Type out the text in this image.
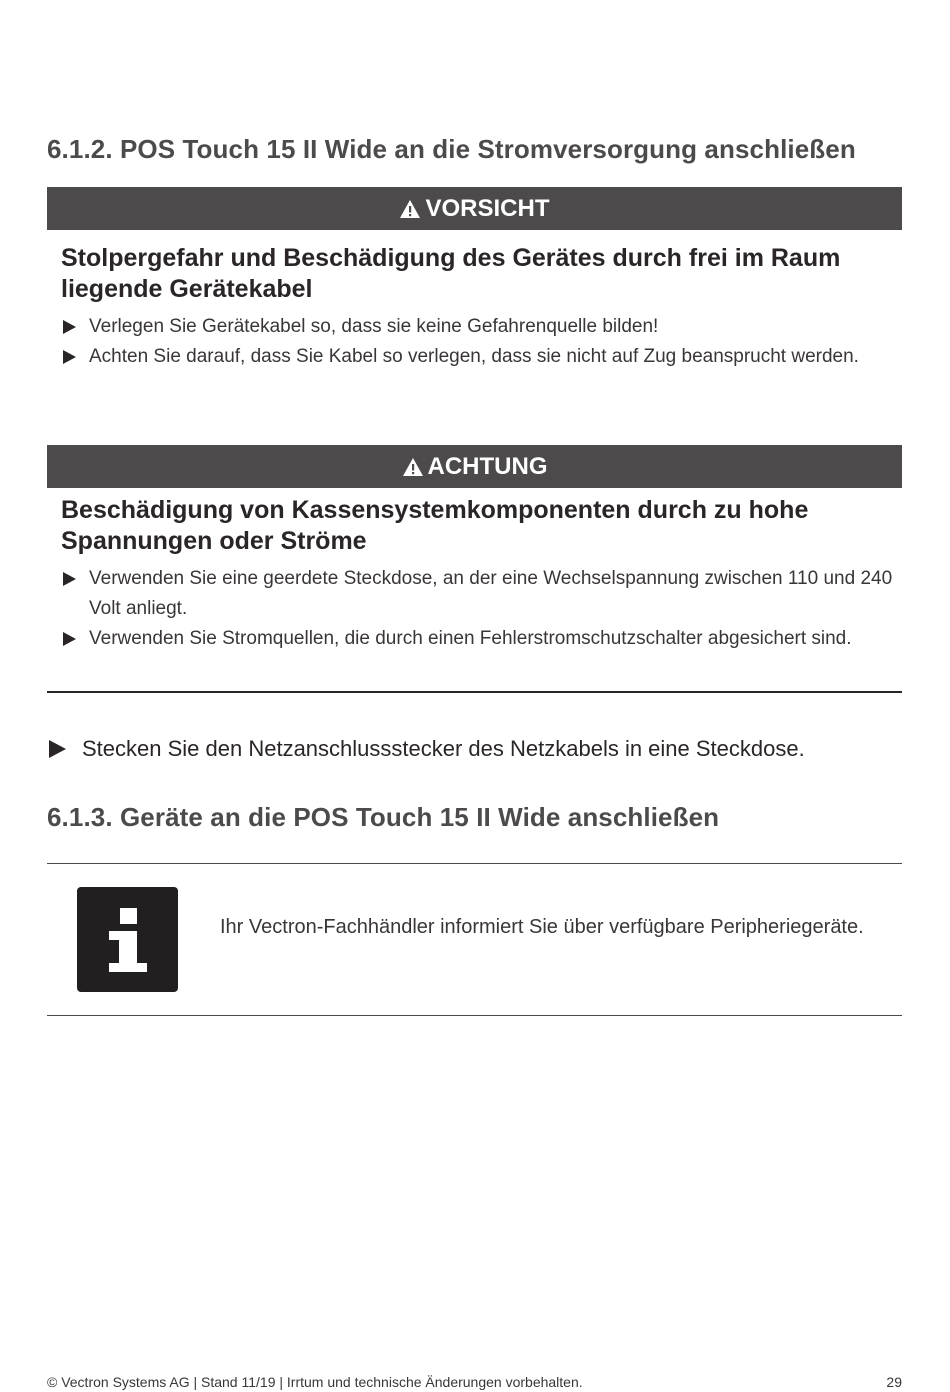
6.1.2. POS Touch 15 II Wide an die Stromversorgung anschließen
VORSICHT
Stolpergefahr und Beschädigung des Gerätes durch frei im Raum liegende Gerätekabel
Verlegen Sie Gerätekabel so, dass sie keine Gefahrenquelle bilden!
Achten Sie darauf, dass Sie Kabel so verlegen, dass sie nicht auf Zug beansprucht werden.
ACHTUNG
Beschädigung von Kassensystemkomponenten durch zu hohe Spannungen oder Ströme
Verwenden Sie eine geerdete Steckdose, an der eine Wechselspannung zwischen 110 und 240 Volt anliegt.
Verwenden Sie Stromquellen, die durch einen Fehlerstromschutzschalter abgesichert sind.
Stecken Sie den Netzanschlussstecker des Netzkabels in eine Steckdose.
6.1.3. Geräte an die POS Touch 15 II Wide anschließen
Ihr Vectron-Fachhändler informiert Sie über verfügbare Peripheriegeräte.
© Vectron Systems AG | Stand 11/19 | Irrtum und technische Änderungen vorbehalten.	29
